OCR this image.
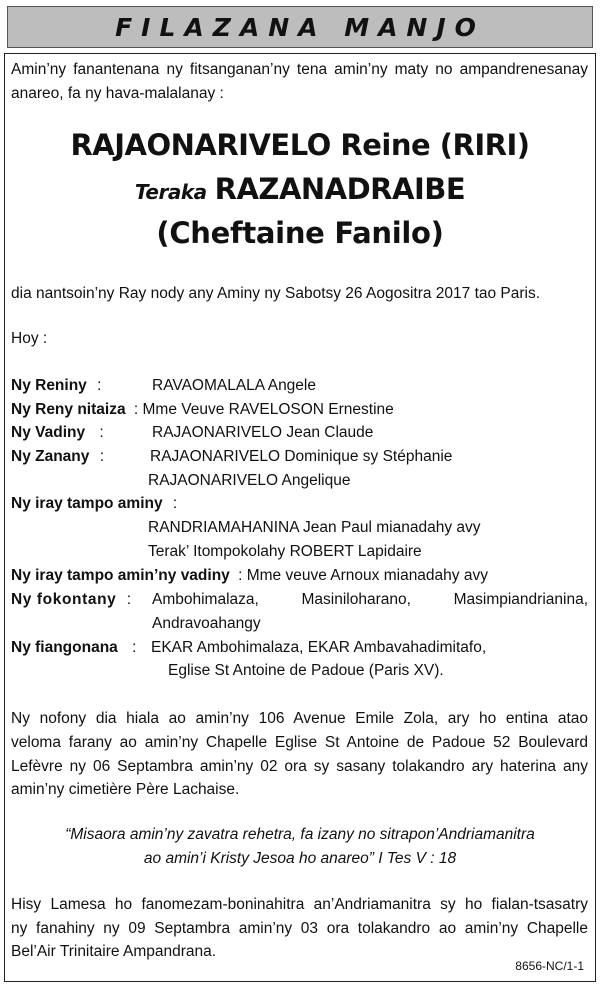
FILAZANA MANJO
Amin’ny fanantenana ny fitsanganan’ny tena amin’ny maty no ampandrenesanay
anareo, fa ny hava-malalanay :
RAJAONARIVELO Reine (RIRI)
Teraka RAZANADRAIBE
(Cheftaine Fanilo)
dia nantsoin’ny Ray nody any Aminy ny Sabotsy 26 Aogositra 2017 tao Paris.
Hoy :
Ny Reniny :	RAVAOMALALA Angele
Ny Reny nitaiza : Mme Veuve RAVELOSON Ernestine
Ny Vadiny :	RAJAONARIVELO Jean Claude
Ny Zanany :	RAJAONARIVELO Dominique sy Stéphanie
RAJAONARIVELO Angelique
Ny iray tampo aminy :
RANDRIAMAHANINA Jean Paul mianadahy avy
Terak’ Itompokolahy ROBERT Lapidaire
Ny iray tampo amin’ny vadiny : Mme veuve Arnoux mianadahy avy
Ny fokontany : Ambohimalaza, Masiniloharano, Masimpiandrianina,
Andravoahangy
Ny fiangonana : EKAR Ambohimalaza, EKAR Ambavahadimitafo,
Eglise St Antoine de Padoue (Paris XV).
Ny nofony dia hiala ao amin’ny 106 Avenue Emile Zola, ary ho entina atao
veloma farany ao amin’ny Chapelle Eglise St Antoine de Padoue 52 Boulevard
Lefèvre ny 06 Septambra amin’ny 02 ora sy sasany tolakandro ary haterina any
amin’ny cimetière Père Lachaise.
“Misaora amin’ny zavatra rehetra, fa izany no sitrapon’Andriamanitra
ao amin’i Kristy Jesoa ho anareo” I Tes V : 18
Hisy Lamesa ho fanomezam-boninahitra an’Andriamanitra sy ho fialan-tsasatry
ny fanahiny ny 09 Septambra amin’ny 03 ora tolakandro ao amin’ny Chapelle
Bel’Air Trinitaire Ampandrana.
8656-NC/1-1
